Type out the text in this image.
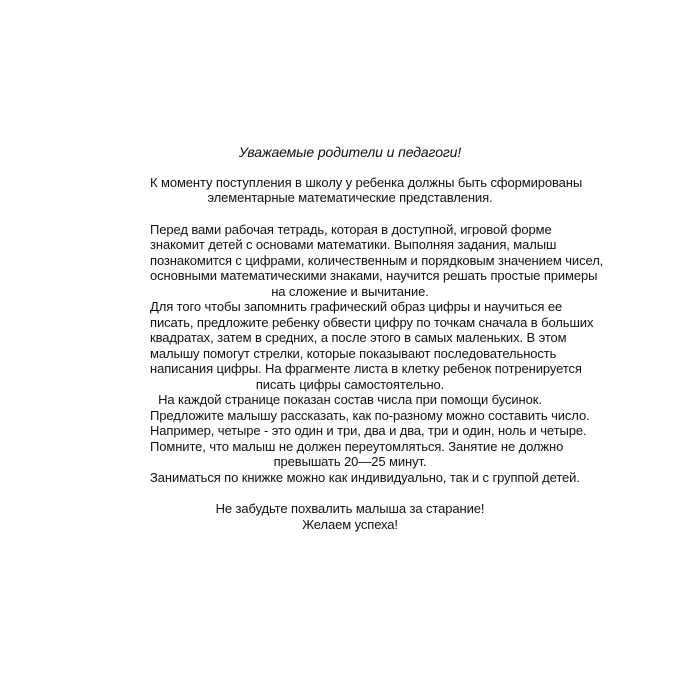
Уважаемые родители и педагоги!
К моменту поступления в школу у ребенка должны быть сформированы
элементарные математические представления.
Перед вами рабочая тетрадь, которая в доступной, игровой форме
знакомит детей с основами математики. Выполняя задания, малыш
познакомится с цифрами, количественным и порядковым значением чисел,
основными математическими знаками, научится решать простые примеры
на сложение и вычитание.
Для того чтобы запомнить графический образ цифры и научиться ее
писать, предложите ребенку обвести цифру по точкам сначала в больших
квадратах, затем в средних, а после этого в самых маленьких. В этом
малышу помогут стрелки, которые показывают последовательность
написания цифры. На фрагменте листа в клетку ребенок потренируется
писать цифры самостоятельно.
На каждой странице показан состав числа при помощи бусинок.
Предложите малышу рассказать, как по-разному можно составить число.
Например, четыре - это один и три, два и два, три и один, ноль и четыре.
Помните, что малыш не должен переутомляться. Занятие не должно
превышать 20—25 минут.
Заниматься по книжке можно как индивидуально, так и с группой детей.
Не забудьте похвалить малыша за старание!
Желаем успеха!
